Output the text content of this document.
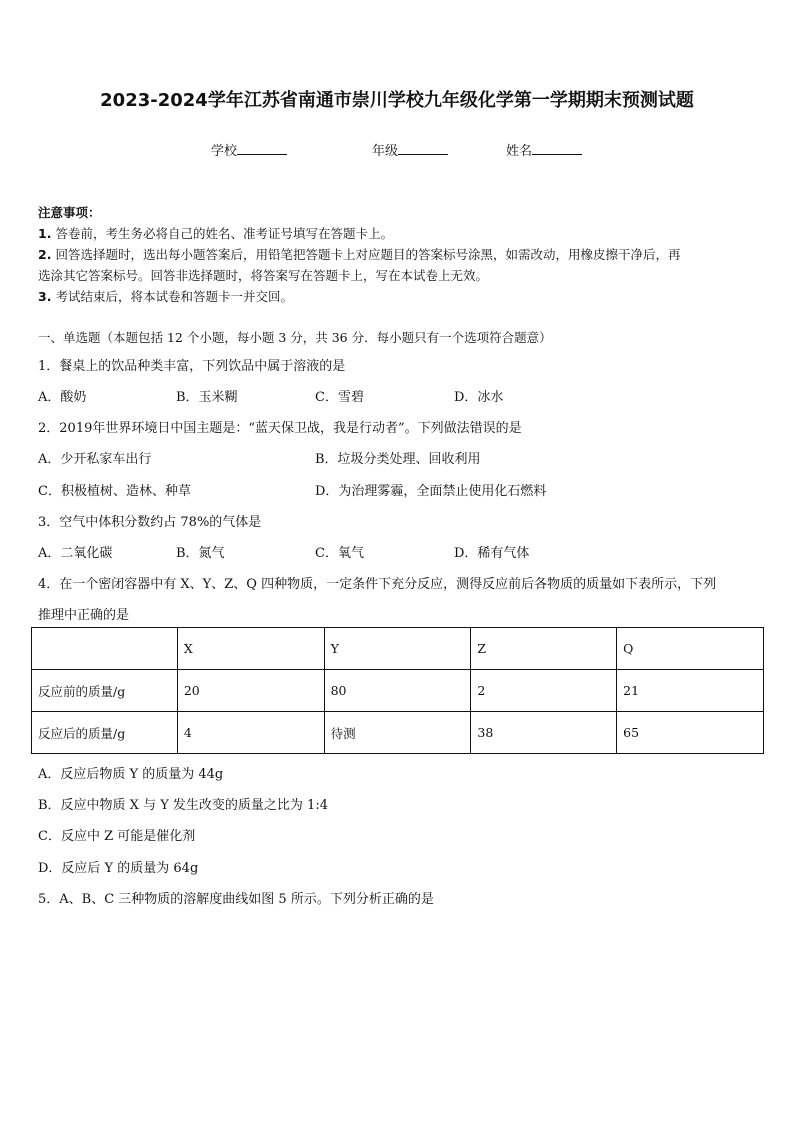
2023-2024学年江苏省南通市崇川学校九年级化学第一学期期末预测试题
学校	年级	姓名
注意事项：
1. 答卷前，考生务必将自己的姓名、准考证号填写在答题卡上。
2. 回答选择题时，选出每小题答案后，用铅笔把答题卡上对应题目的答案标号涂黑，如需改动，用橡皮擦干净后，再
选涂其它答案标号。回答非选择题时，将答案写在答题卡上，写在本试卷上无效。
3. 考试结束后，将本试卷和答题卡一并交回。
一、单选题（本题包括 12 个小题，每小题 3 分，共 36 分．每小题只有一个选项符合题意）
1．餐桌上的饮品种类丰富，下列饮品中属于溶液的是
A．酸奶	B．玉米糊	C．雪碧	D．冰水
2．2019年世界环境日中国主题是：“蓝天保卫战，我是行动者”。下列做法错误的是
A．少开私家车出行	B．垃圾分类处理、回收利用
C．积极植树、造林、种草	D．为治理雾霾，全面禁止使用化石燃料
3．空气中体积分数约占 78%的气体是
A．二氧化碳	B．氮气	C．氧气	D．稀有气体
4．在一个密闭容器中有 X、Y、Z、Q 四种物质，一定条件下充分反应，测得反应前后各物质的质量如下表所示，下列
推理中正确的是
	X	Y	Z	Q
反应前的质量/g	20	80	2	21
反应后的质量/g	4	待测	38	65
A．反应后物质 Y 的质量为 44g
B．反应中物质 X 与 Y 发生改变的质量之比为 1:4
C．反应中 Z 可能是催化剂
D．反应后 Y 的质量为 64g
5．A、B、C 三种物质的溶解度曲线如图 5 所示。下列分析正确的是
